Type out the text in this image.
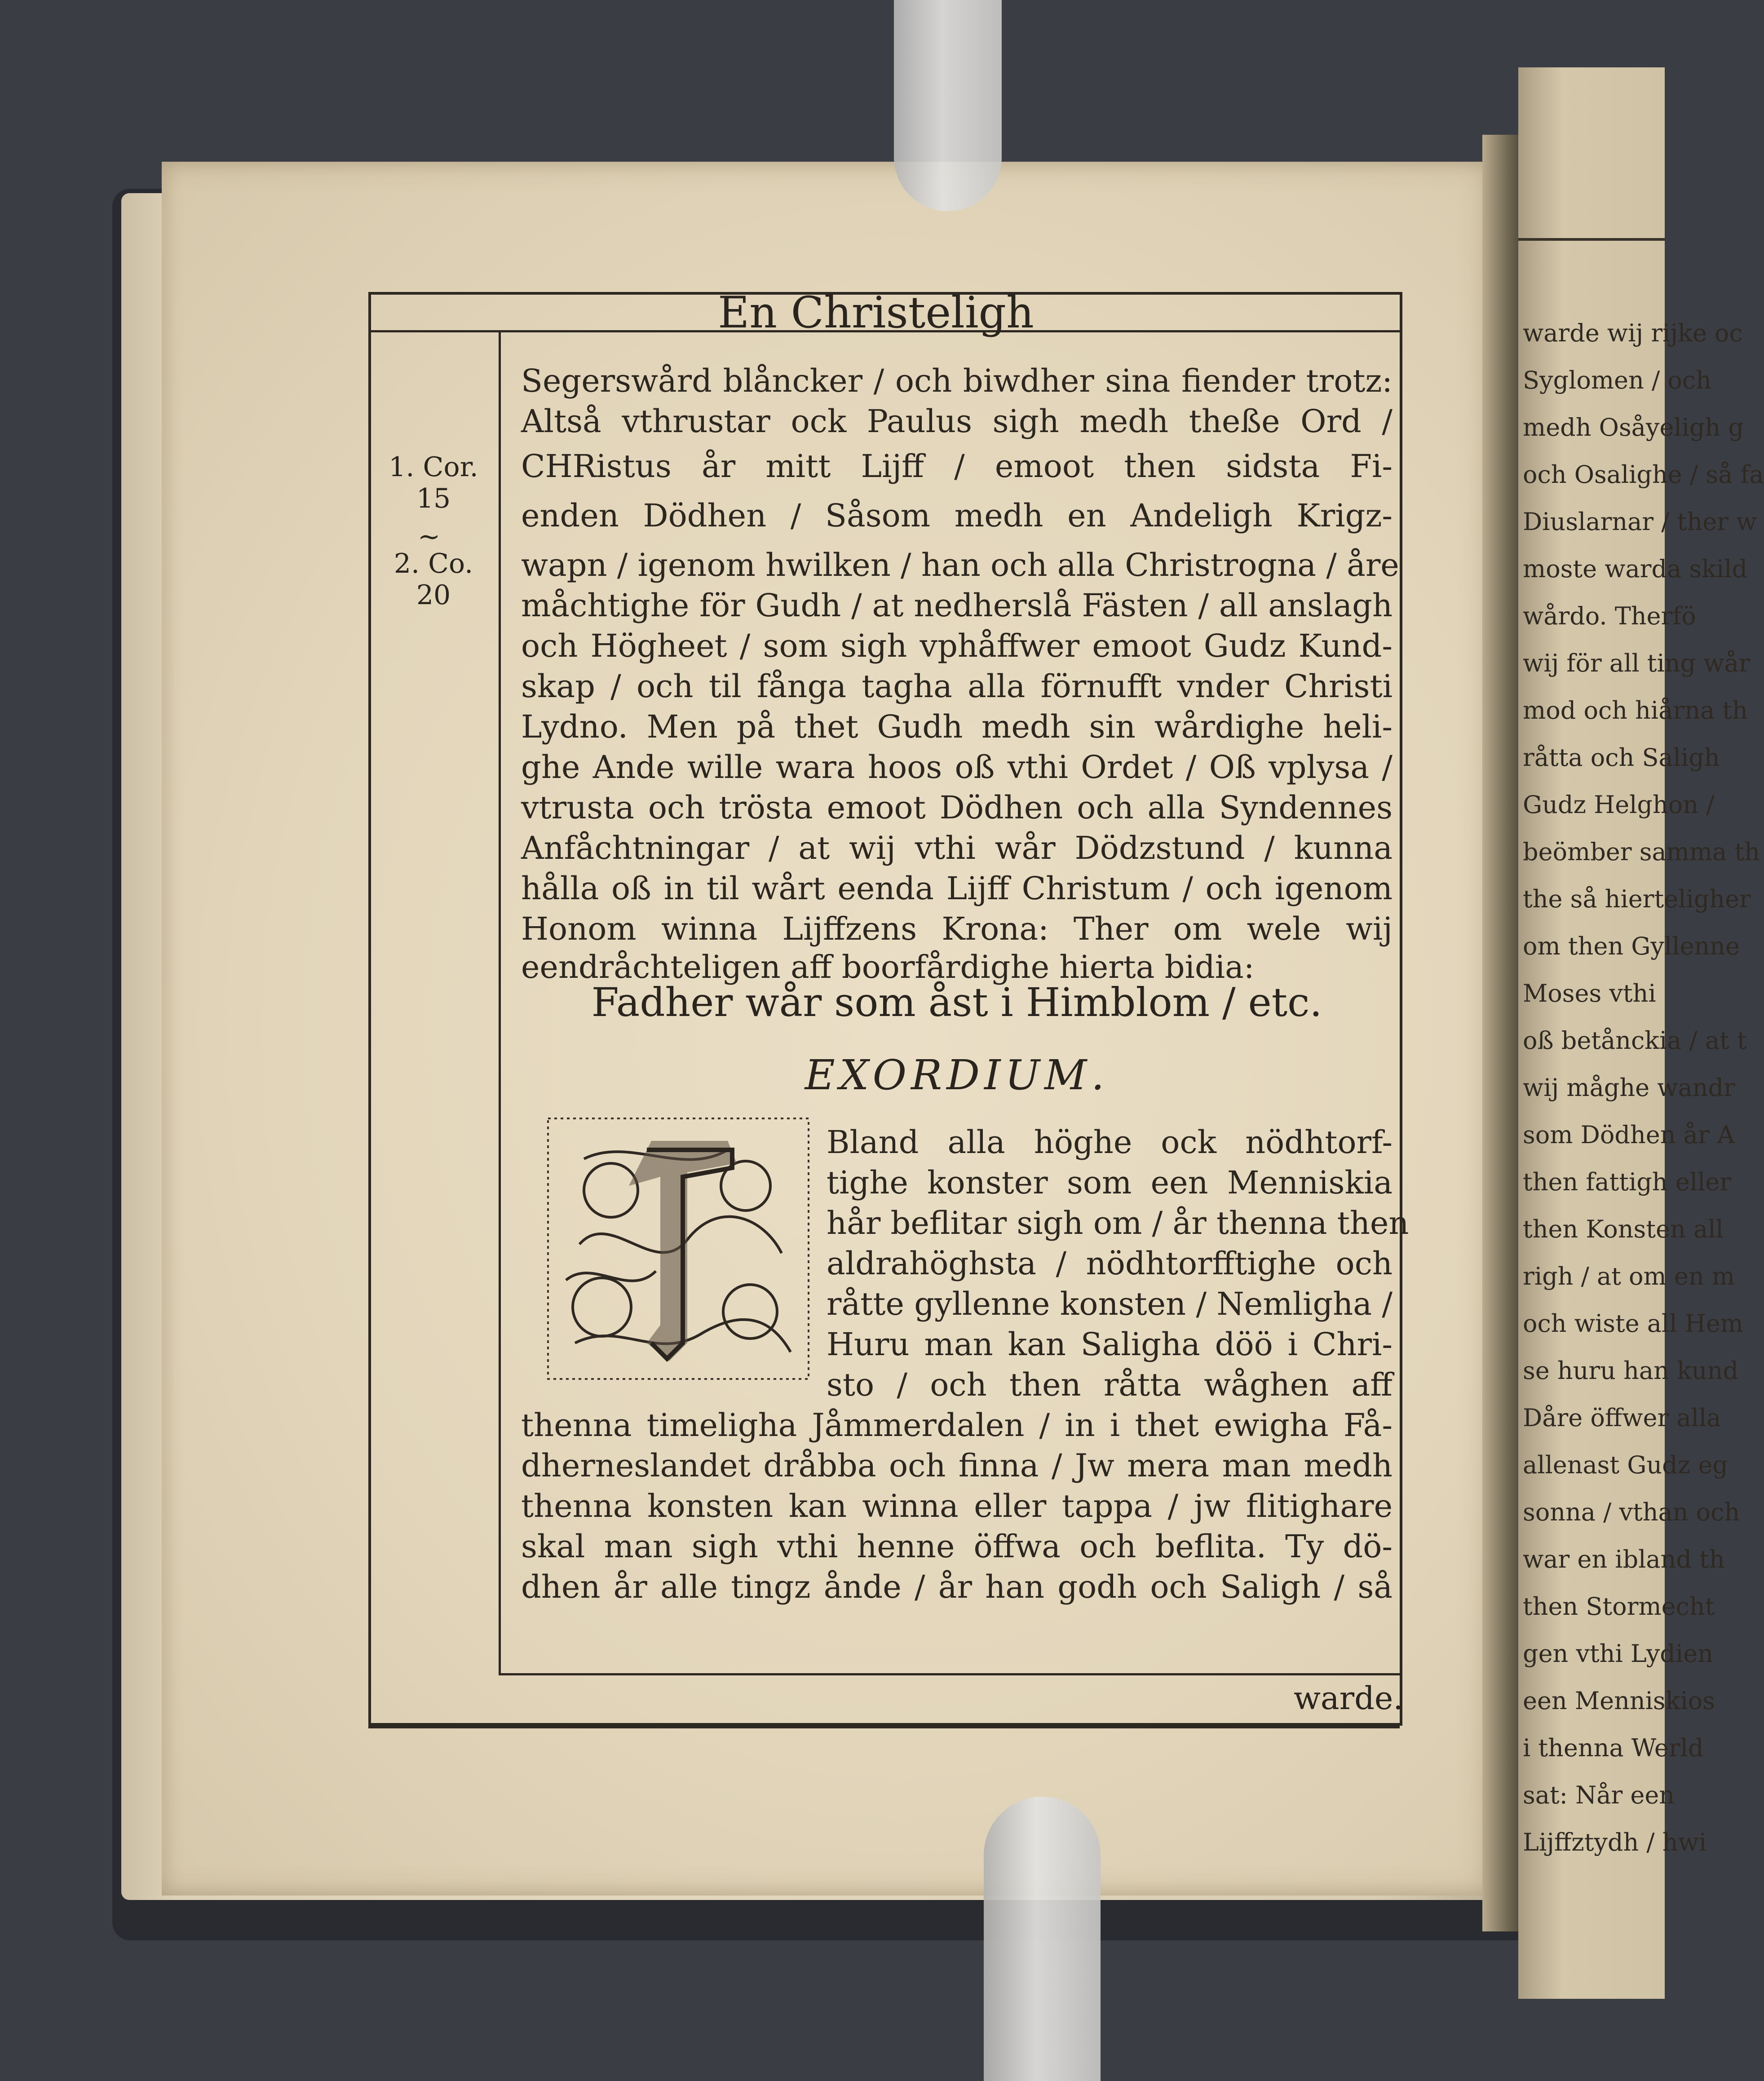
warde wij rijke oc
Syglomen / och
medh Osåyeligh g
och Osalighe / så fa
Diuslarnar / ther w
moste warda skild
wårdo. Therfö
wij för all ting wår
mod och hiårna th
råtta och Saligh
Gudz Helghon /
beömber samma th
the så hierteligher
om then Gyllenne
Moses vthi
oß betånckia / at t
wij måghe wandr
som Dödhen år A
then fattigh eller
then Konsten all
righ / at om en m
och wiste all Hem
se huru han kund
Dåre öffwer alla
allenast Gudz eg
sonna / vthan och
war en ibland th
then Stormecht
gen vthi Lydien
een Menniskios
i thenna Werld
sat: Når een
Lijffztydh / hwi
En Christeligh
1. Cor. 15
~
2. Co. 20
Segerswård blåncker / och biwdher sina fiender trotz:
Altså vthrustar ock Paulus sigh medh theße Ord /
CHRistus år mitt Lijff / emoot then sidsta Fi-
enden Dödhen / Såsom medh en Andeligh Krigz-
wapn / igenom hwilken / han och alla Christrogna / åre
måchtighe för Gudh / at nedherslå Fästen / all anslagh
och Högheet / som sigh vphåffwer emoot Gudz Kund-
skap / och til fånga tagha alla förnufft vnder Christi
Lydno. Men på thet Gudh medh sin wårdighe heli-
ghe Ande wille wara hoos oß vthi Ordet / Oß vplysa /
vtrusta och trösta emoot Dödhen och alla Syndennes
Anfåchtningar / at wij vthi wår Dödzstund / kunna
hålla oß in til wårt eenda Lijff Christum / och igenom
Honom winna Lijffzens Krona: Ther om wele wij
eendråchteligen aff boorfårdighe hierta bidia:
Fadher wår som åst i Himblom / etc.
EXORDIUM.
Bland alla höghe ock nödhtorf-
tighe konster som een Menniskia
hår beflitar sigh om / år thenna then
aldrahöghsta / nödhtorfftighe och
råtte gyllenne konsten / Nemligha /
Huru man kan Saligha döö i Chri-
sto / och then råtta wåghen aff
thenna timeligha Jåmmerdalen / in i thet ewigha Få-
dherneslandet dråbba och finna / Jw mera man medh
thenna konsten kan winna eller tappa / jw flitighare
skal man sigh vthi henne öffwa och beflita. Ty dö-
dhen år alle tingz ånde / år han godh och Saligh / så
warde.
